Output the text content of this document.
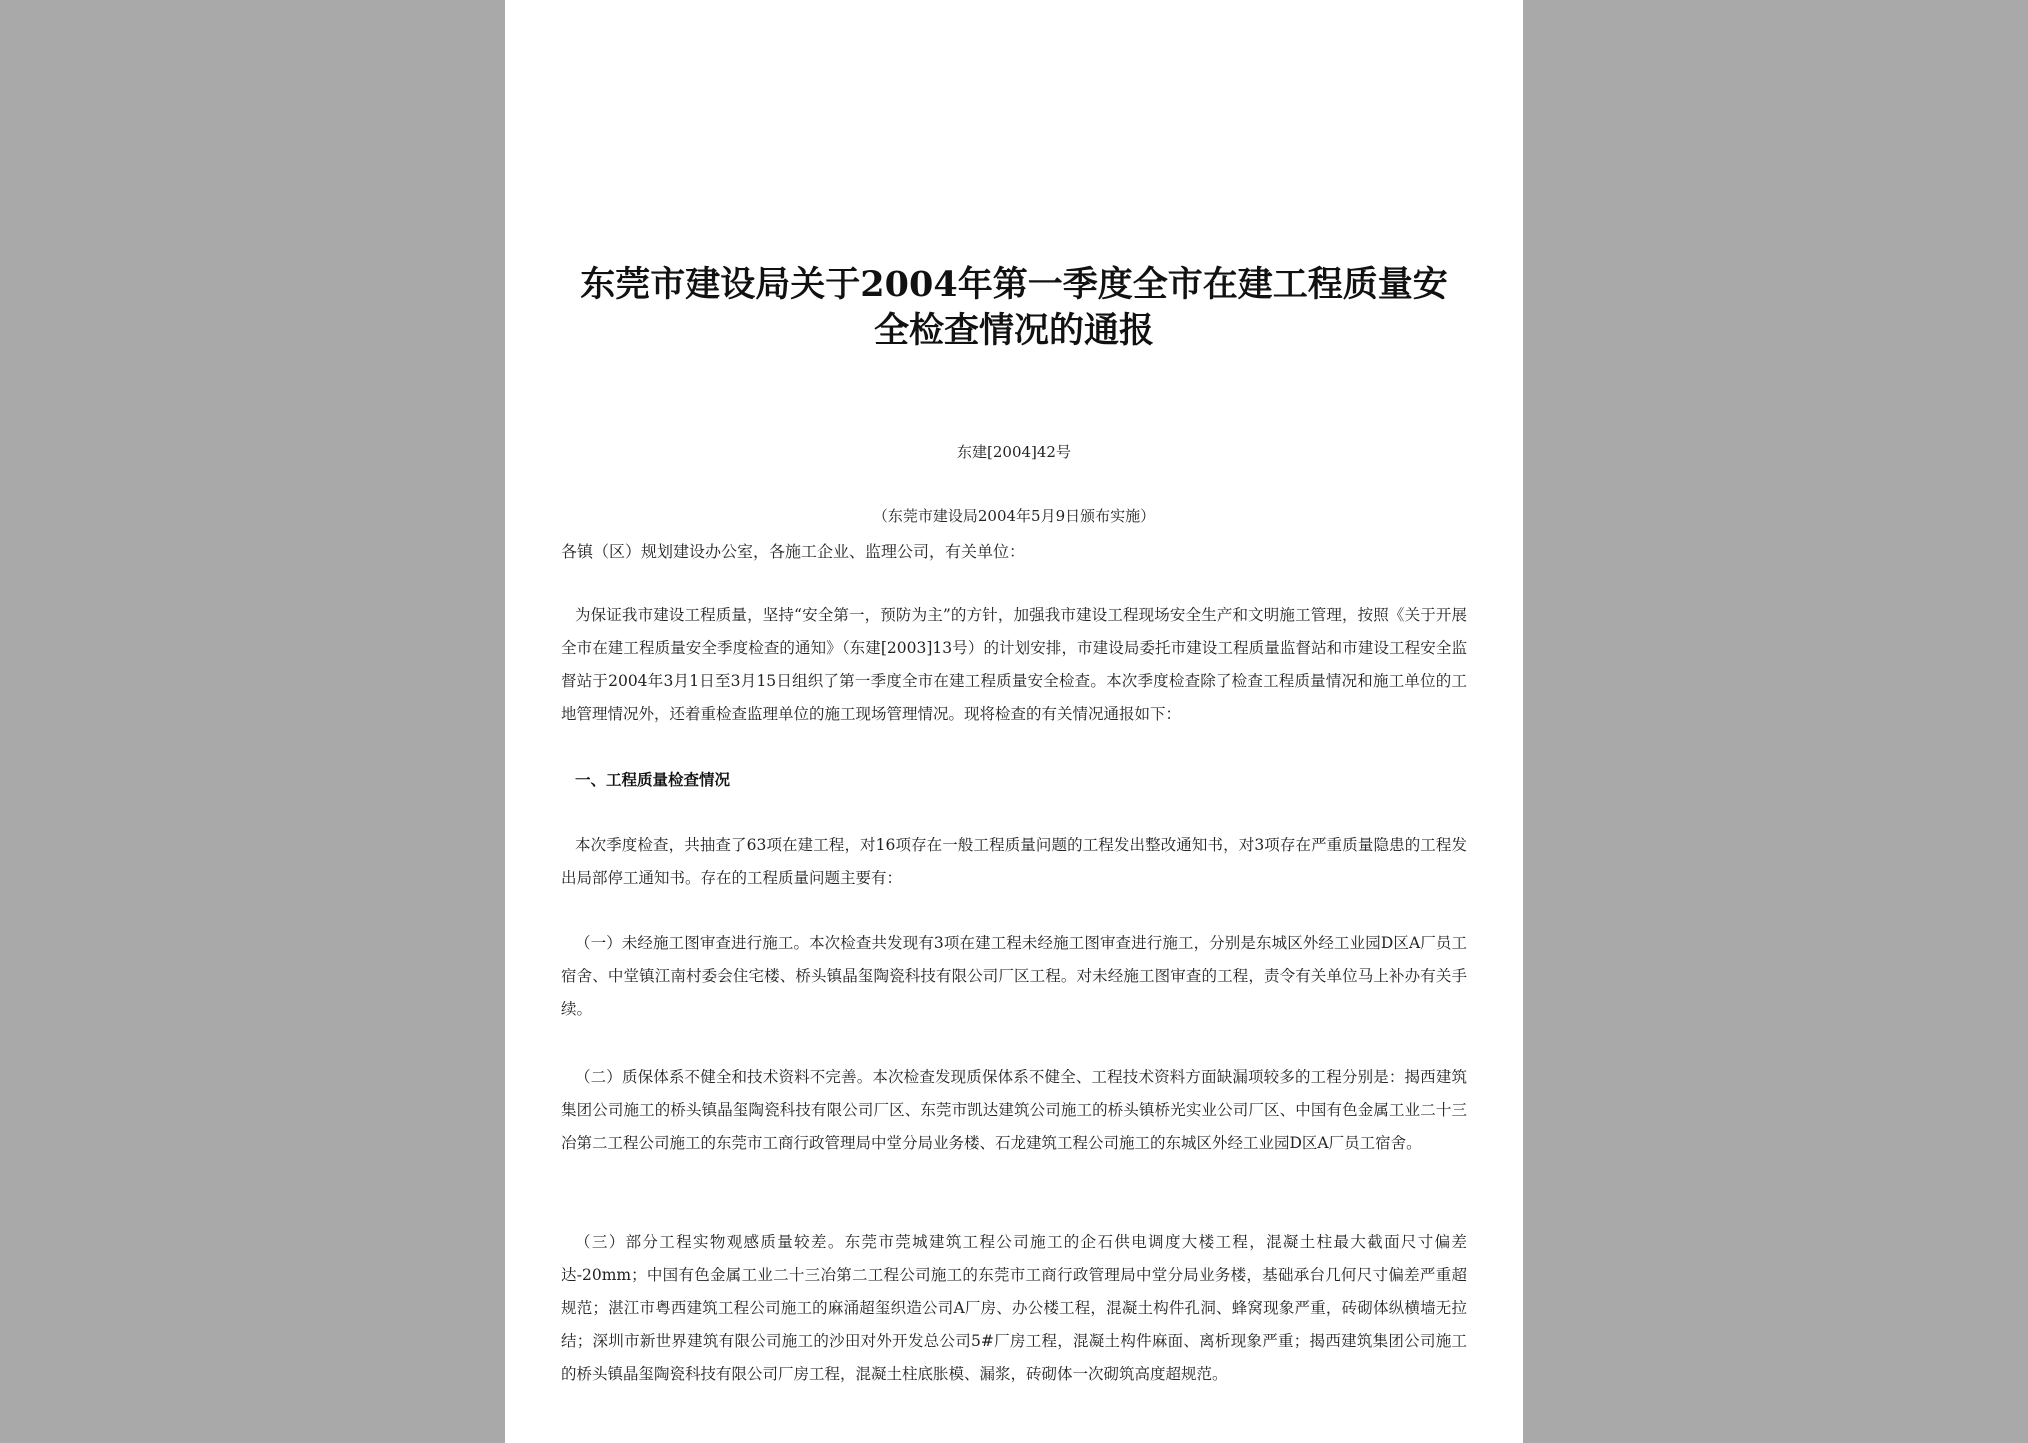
东莞市建设局关于2004年第一季度全市在建工程质量安
全检查情况的通报
东建[2004]42号
（东莞市建设局2004年5月9日颁布实施）
各镇（区）规划建设办公室，各施工企业、监理公司，有关单位：
为保证我市建设工程质量，坚持“安全第一，预防为主”的方针，加强我市建设工程现场安全生产和文明施工管理，按照《关于开展全市在建工程质量安全季度检查的通知》（东建[2003]13号）的计划安排，市建设局委托市建设工程质量监督站和市建设工程安全监督站于2004年3月1日至3月15日组织了第一季度全市在建工程质量安全检查。本次季度检查除了检查工程质量情况和施工单位的工地管理情况外，还着重检查监理单位的施工现场管理情况。现将检查的有关情况通报如下：
一、工程质量检查情况
本次季度检查，共抽查了63项在建工程，对16项存在一般工程质量问题的工程发出整改通知书，对3项存在严重质量隐患的工程发出局部停工通知书。存在的工程质量问题主要有：
（一）未经施工图审查进行施工。本次检查共发现有3项在建工程未经施工图审查进行施工，分别是东城区外经工业园D区A厂员工宿舍、中堂镇江南村委会住宅楼、桥头镇晶玺陶瓷科技有限公司厂区工程。对未经施工图审查的工程，责令有关单位马上补办有关手续。
（二）质保体系不健全和技术资料不完善。本次检查发现质保体系不健全、工程技术资料方面缺漏项较多的工程分别是：揭西建筑集团公司施工的桥头镇晶玺陶瓷科技有限公司厂区、东莞市凯达建筑公司施工的桥头镇桥光实业公司厂区、中国有色金属工业二十三冶第二工程公司施工的东莞市工商行政管理局中堂分局业务楼、石龙建筑工程公司施工的东城区外经工业园D区A厂员工宿舍。
（三）部分工程实物观感质量较差。东莞市莞城建筑工程公司施工的企石供电调度大楼工程，混凝土柱最大截面尺寸偏差达-20mm；中国有色金属工业二十三冶第二工程公司施工的东莞市工商行政管理局中堂分局业务楼，基础承台几何尺寸偏差严重超规范；湛江市粤西建筑工程公司施工的麻涌超玺织造公司A厂房、办公楼工程，混凝土构件孔洞、蜂窝现象严重，砖砌体纵横墙无拉结；深圳市新世界建筑有限公司施工的沙田对外开发总公司5#厂房工程，混凝土构件麻面、离析现象严重；揭西建筑集团公司施工的桥头镇晶玺陶瓷科技有限公司厂房工程，混凝土柱底胀模、漏浆，砖砌体一次砌筑高度超规范。
